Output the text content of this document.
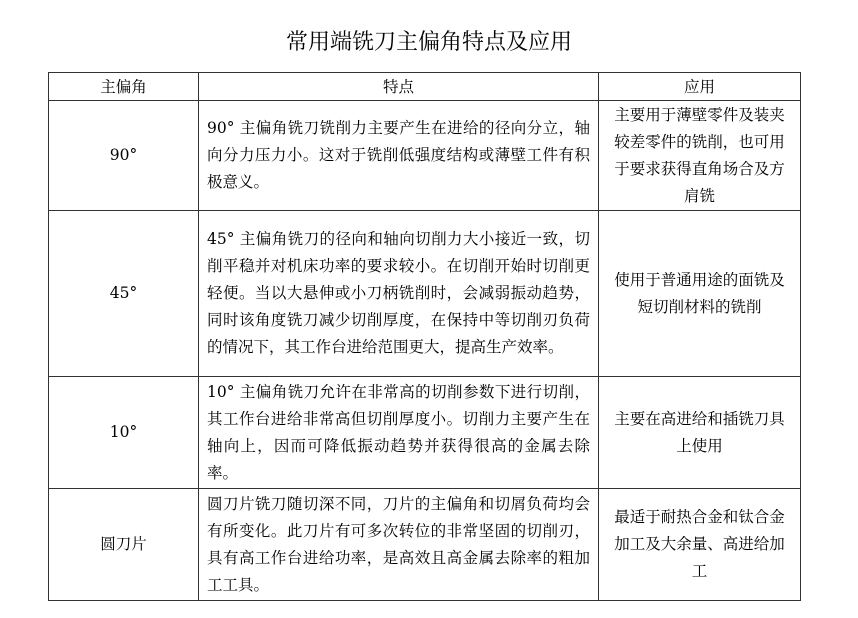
常用端铣刀主偏角特点及应用
主偏角	特点	应用
90°	90° 主偏角铣刀铣削力主要产生在进给的径向分立，轴向分力压力小。这对于铣削低强度结构或薄壁工件有积极意义。	主要用于薄壁零件及装夹较差零件的铣削，也可用于要求获得直角场合及方肩铣

45°	45° 主偏角铣刀的径向和轴向切削力大小接近一致，切削平稳并对机床功率的要求较小。在切削开始时切削更轻便。当以大悬伸或小刀柄铣削时，会减弱振动趋势，同时该角度铣刀减少切削厚度，在保持中等切削刃负荷的情况下，其工作台进给范围更大，提高生产效率。	使用于普通用途的面铣及短切削材料的铣削

10°	10° 主偏角铣刀允许在非常高的切削参数下进行切削，其工作台进给非常高但切削厚度小。切削力主要产生在轴向上，因而可降低振动趋势并获得很高的金属去除率。	主要在高进给和插铣刀具上使用

圆刀片	圆刀片铣刀随切深不同，刀片的主偏角和切屑负荷均会有所变化。此刀片有可多次转位的非常坚固的切削刃，具有高工作台进给功率，是高效且高金属去除率的粗加工工具。	最适于耐热合金和钛合金加工及大余量、高进给加工
